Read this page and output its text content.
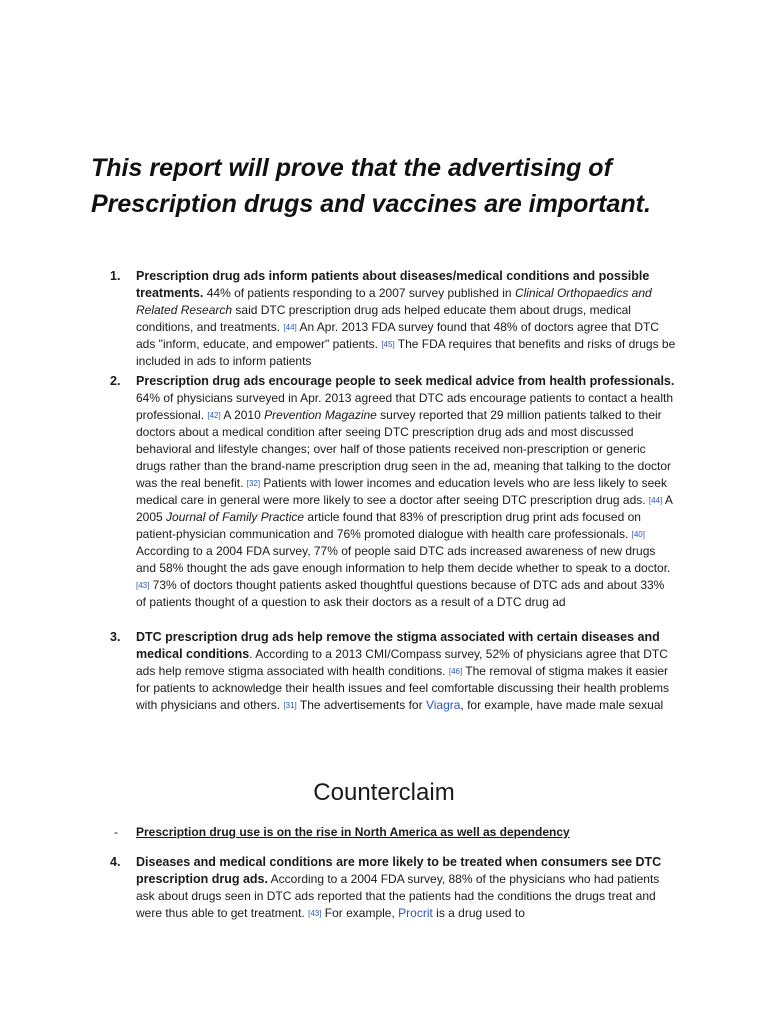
This report will prove that the advertising of Prescription drugs and vaccines are important.
1. Prescription drug ads inform patients about diseases/medical conditions and possible treatments. 44% of patients responding to a 2007 survey published in Clinical Orthopaedics and Related Research said DTC prescription drug ads helped educate them about drugs, medical conditions, and treatments. [44] An Apr. 2013 FDA survey found that 48% of doctors agree that DTC ads "inform, educate, and empower" patients. [45] The FDA requires that benefits and risks of drugs be included in ads to inform patients
2. Prescription drug ads encourage people to seek medical advice from health professionals. 64% of physicians surveyed in Apr. 2013 agreed that DTC ads encourage patients to contact a health professional. [42] A 2010 Prevention Magazine survey reported that 29 million patients talked to their doctors about a medical condition after seeing DTC prescription drug ads and most discussed behavioral and lifestyle changes; over half of those patients received non-prescription or generic drugs rather than the brand-name prescription drug seen in the ad, meaning that talking to the doctor was the real benefit. [32] Patients with lower incomes and education levels who are less likely to seek medical care in general were more likely to see a doctor after seeing DTC prescription drug ads. [44] A 2005 Journal of Family Practice article found that 83% of prescription drug print ads focused on patient-physician communication and 76% promoted dialogue with health care professionals. [40] According to a 2004 FDA survey, 77% of people said DTC ads increased awareness of new drugs and 58% thought the ads gave enough information to help them decide whether to speak to a doctor. [43] 73% of doctors thought patients asked thoughtful questions because of DTC ads and about 33% of patients thought of a question to ask their doctors as a result of a DTC drug ad
3. DTC prescription drug ads help remove the stigma associated with certain diseases and medical conditions. According to a 2013 CMI/Compass survey, 52% of physicians agree that DTC ads help remove stigma associated with health conditions. [46] The removal of stigma makes it easier for patients to acknowledge their health issues and feel comfortable discussing their health problems with physicians and others. [31] The advertisements for Viagra, for example, have made male sexual
Counterclaim
- Prescription drug use is on the rise in North America as well as dependency
4. Diseases and medical conditions are more likely to be treated when consumers see DTC prescription drug ads. According to a 2004 FDA survey, 88% of the physicians who had patients ask about drugs seen in DTC ads reported that the patients had the conditions the drugs treat and were thus able to get treatment. [43] For example, Procrit is a drug used to
